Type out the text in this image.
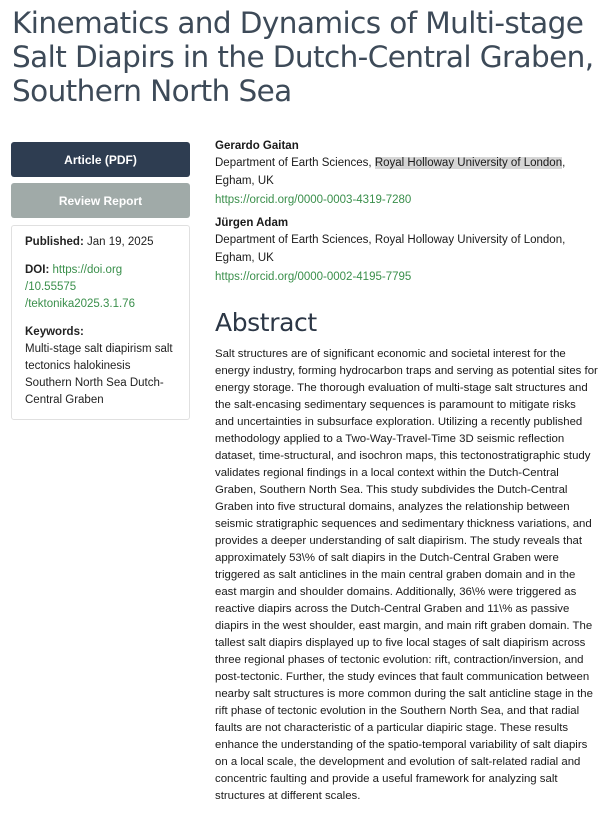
Kinematics and Dynamics of Multi-stage Salt Diapirs in the Dutch-Central Graben, Southern North Sea
Article (PDF)
Review Report
Published: Jan 19, 2025
DOI: https://doi.org
/10.55575
/tektonika2025.3.1.76
Keywords:
Multi-stage salt diapirism salt tectonics halokinesis Southern North Sea Dutch-Central Graben
Gerardo Gaitan
Department of Earth Sciences, Royal Holloway University of London,
Egham, UK
https://orcid.org/0000-0003-4319-7280
Jürgen Adam
Department of Earth Sciences, Royal Holloway University of London,
Egham, UK
https://orcid.org/0000-0002-4195-7795
Abstract

Salt structures are of significant economic and societal interest for the energy industry, forming hydrocarbon traps and serving as potential sites for energy storage. The thorough evaluation of multi-stage salt structures and the salt-encasing sedimentary sequences is paramount to mitigate risks and uncertainties in subsurface exploration. Utilizing a recently published methodology applied to a Two-Way-Travel-Time 3D seismic reflection dataset, time-structural, and isochron maps, this tectonostratigraphic study validates regional findings in a local context within the Dutch-Central Graben, Southern North Sea. This study subdivides the Dutch-Central Graben into five structural domains, analyzes the relationship between seismic stratigraphic sequences and sedimentary thickness variations, and provides a deeper understanding of salt diapirism. The study reveals that approximately 53\% of salt diapirs in the Dutch-Central Graben were triggered as salt anticlines in the main central graben domain and in the east margin and shoulder domains. Additionally, 36\% were triggered as reactive diapirs across the Dutch-Central Graben and 11\% as passive diapirs in the west shoulder, east margin, and main rift graben domain. The tallest salt diapirs displayed up to five local stages of salt diapirism across three regional phases of tectonic evolution: rift, contraction/inversion, and post-tectonic. Further, the study evinces that fault communication between nearby salt structures is more common during the salt anticline stage in the rift phase of tectonic evolution in the Southern North Sea, and that radial faults are not characteristic of a particular diapiric stage. These results enhance the understanding of the spatio-temporal variability of salt diapirs on a local scale, the development and evolution of salt-related radial and concentric faulting and provide a useful framework for analyzing salt structures at different scales.
